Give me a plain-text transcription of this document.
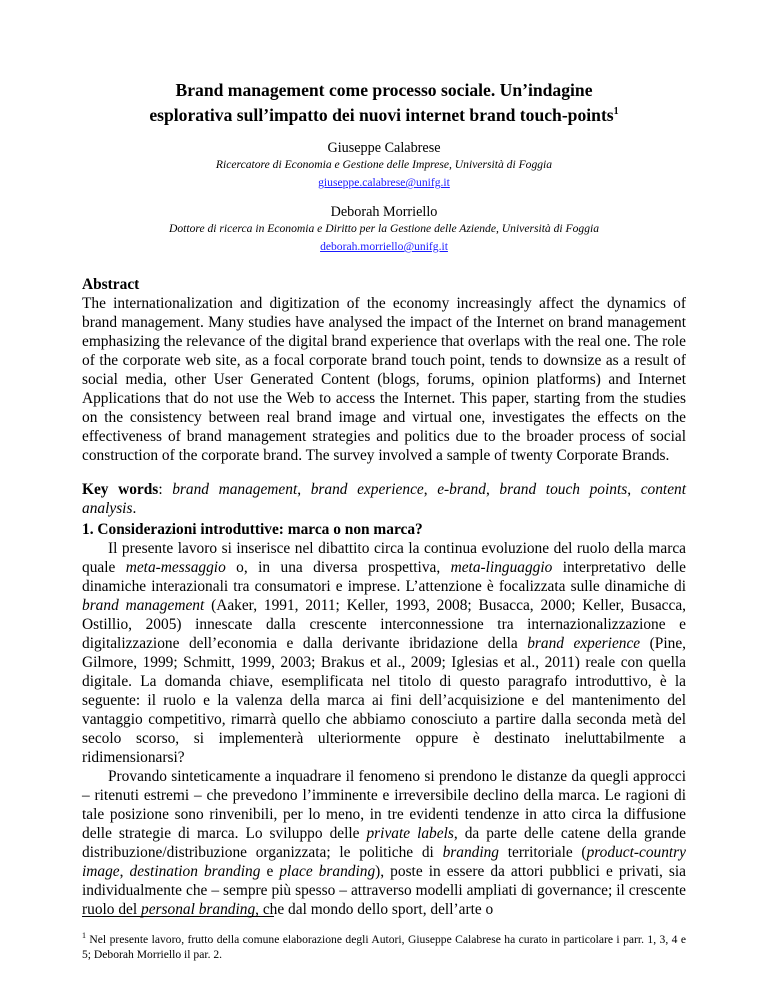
Brand management come processo sociale. Un’indagine
esplorativa sull’impatto dei nuovi internet brand touch-points$^1$
Giuseppe Calabrese
Ricercatore di Economia e Gestione delle Imprese, Università di Foggia
giuseppe.calabrese@unifg.it
Deborah Morriello
Dottore di ricerca in Economia e Diritto per la Gestione delle Aziende, Università di Foggia
deborah.morriello@unifg.it
Abstract
The internationalization and digitization of the economy increasingly affect the dynamics of brand management. Many studies have analysed the impact of the Internet on brand management emphasizing the relevance of the digital brand experience that overlaps with the real one. The role of the corporate web site, as a focal corporate brand touch point, tends to downsize as a result of social media, other User Generated Content (blogs, forums, opinion platforms) and Internet Applications that do not use the Web to access the Internet. This paper, starting from the studies on the consistency between real brand image and virtual one, investigates the effects on the effectiveness of brand management strategies and politics due to the broader process of social construction of the corporate brand. The survey involved a sample of twenty Corporate Brands.
Key words: brand management, brand experience, e-brand, brand touch points, content analysis.
1. Considerazioni introduttive: marca o non marca?

Il presente lavoro si inserisce nel dibattito circa la continua evoluzione del ruolo della marca quale meta-messaggio o, in una diversa prospettiva, meta-linguaggio interpretativo delle dinamiche interazionali tra consumatori e imprese. L’attenzione è focalizzata sulle dinamiche di brand management (Aaker, 1991, 2011; Keller, 1993, 2008; Busacca, 2000; Keller, Busacca, Ostillio, 2005) innescate dalla crescente interconnessione tra internazionalizzazione e digitalizzazione dell’economia e dalla derivante ibridazione della brand experience (Pine, Gilmore, 1999; Schmitt, 1999, 2003; Brakus et al., 2009; Iglesias et al., 2011) reale con quella digitale. La domanda chiave, esemplificata nel titolo di questo paragrafo introduttivo, è la seguente: il ruolo e la valenza della marca ai fini dell’acquisizione e del mantenimento del vantaggio competitivo, rimarrà quello che abbiamo conosciuto a partire dalla seconda metà del secolo scorso, si implementerà ulteriormente oppure è destinato ineluttabilmente a ridimensionarsi?

Provando sinteticamente a inquadrare il fenomeno si prendono le distanze da quegli approcci – ritenuti estremi – che prevedono l’imminente e irreversibile declino della marca. Le ragioni di tale posizione sono rinvenibili, per lo meno, in tre evidenti tendenze in atto circa la diffusione delle strategie di marca. Lo sviluppo delle private labels, da parte delle catene della grande distribuzione/distribuzione organizzata; le politiche di branding territoriale (product-country image, destination branding e place branding), poste in essere da attori pubblici e privati, sia individualmente che – sempre più spesso – attraverso modelli ampliati di governance; il crescente ruolo del personal branding, che dal mondo dello sport, dell’arte o

$^1$ Nel presente lavoro, frutto della comune elaborazione degli Autori, Giuseppe Calabrese ha curato in particolare i parr. 1, 3, 4 e 5; Deborah Morriello il par. 2.
